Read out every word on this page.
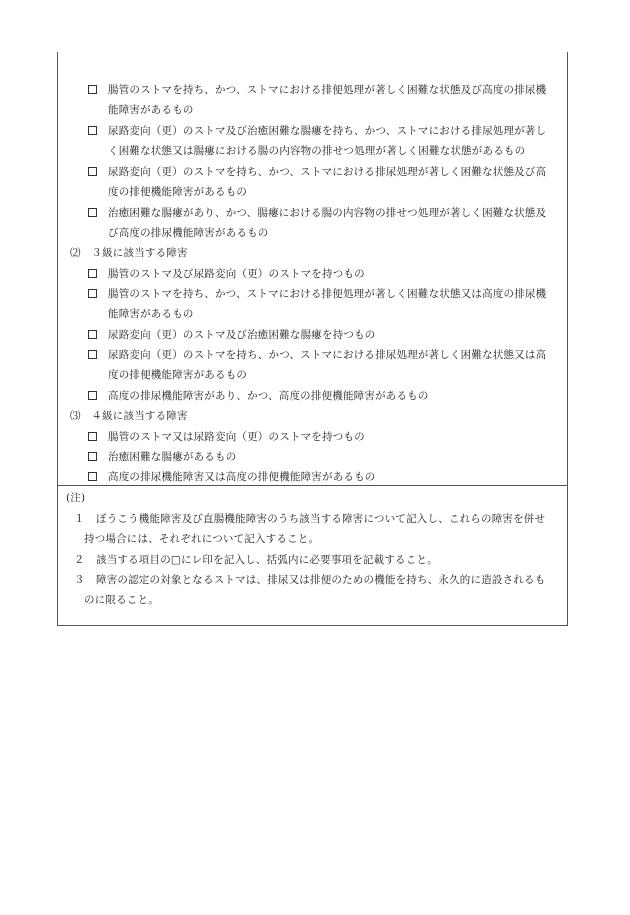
腸管のストマを持ち、かつ、ストマにおける排便処理が著しく困難な状態及び高度の排尿機
能障害があるもの
尿路変向（更）のストマ及び治癒困難な腸瘻を持ち、かつ、ストマにおける排尿処理が著し
く困難な状態又は腸瘻における腸の内容物の排せつ処理が著しく困難な状態があるもの
尿路変向（更）のストマを持ち、かつ、ストマにおける排尿処理が著しく困難な状態及び高
度の排便機能障害があるもの
治癒困難な腸瘻があり、かつ、腸瘻における腸の内容物の排せつ処理が著しく困難な状態及
び高度の排尿機能障害があるもの
⑵　３級に該当する障害
腸管のストマ及び尿路変向（更）のストマを持つもの
腸管のストマを持ち、かつ、ストマにおける排便処理が著しく困難な状態又は高度の排尿機
能障害があるもの
尿路変向（更）のストマ及び治癒困難な腸瘻を持つもの
尿路変向（更）のストマを持ち、かつ、ストマにおける排尿処理が著しく困難な状態又は高
度の排便機能障害があるもの
高度の排尿機能障害があり、かつ、高度の排便機能障害があるもの
⑶　４級に該当する障害
腸管のストマ又は尿路変向（更）のストマを持つもの
治癒困難な腸瘻があるもの
高度の排尿機能障害又は高度の排便機能障害があるもの
(注)
１ ぼうこう機能障害及び直腸機能障害のうち該当する障害について記入し、これらの障害を併せ
持つ場合には、それぞれについて記入すること。
２ 該当する項目の□にレ印を記入し、括弧内に必要事項を記載すること。
３ 障害の認定の対象となるストマは、排尿又は排便のための機能を持ち、永久的に造設されるも
のに限ること。
